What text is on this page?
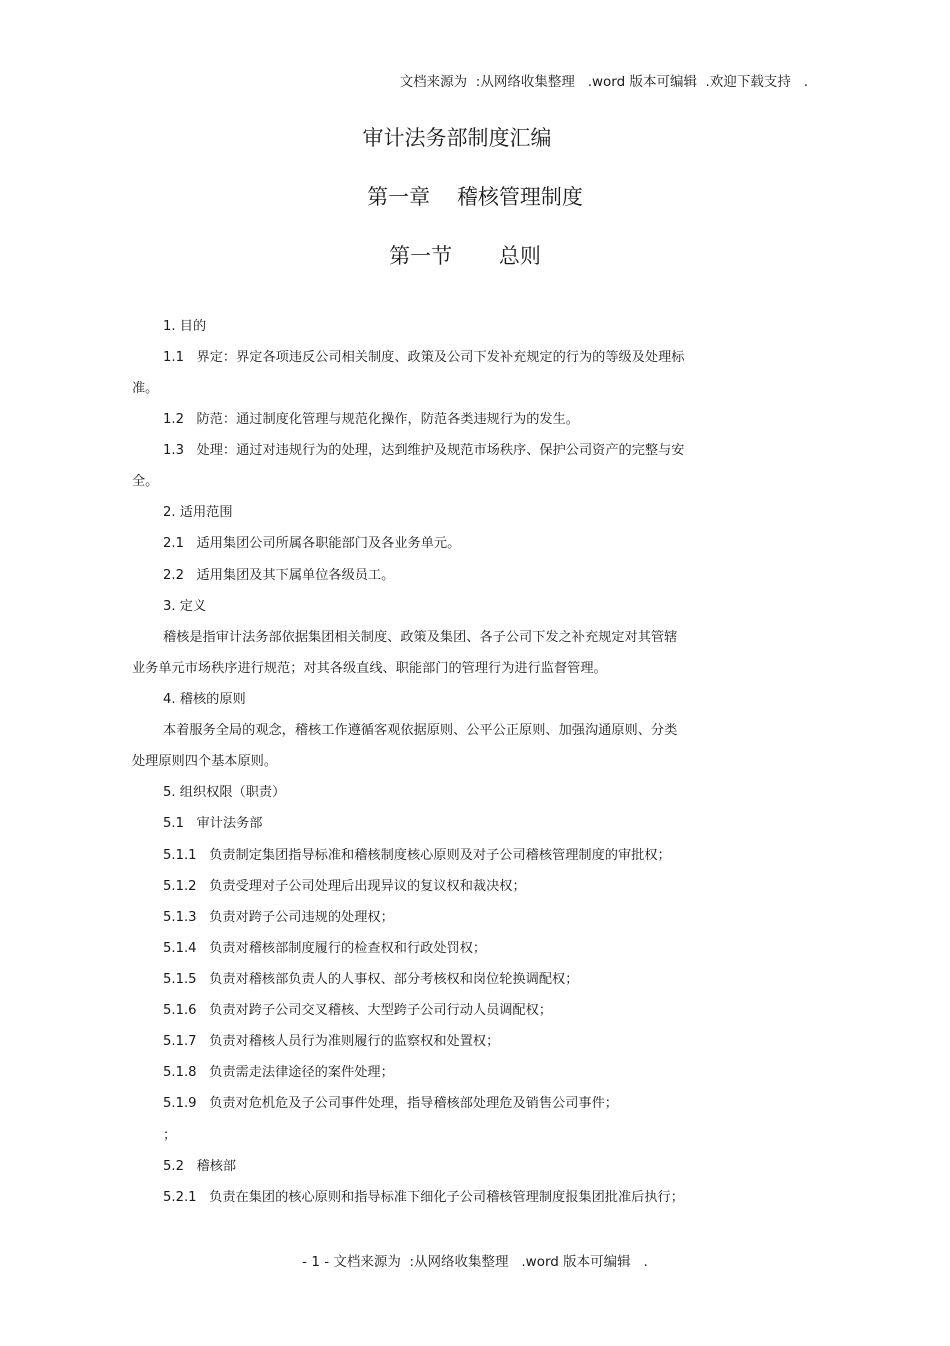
文档来源为  :从网络收集整理   .word 版本可编辑  .欢迎下载支持   .
审计法务部制度汇编
第一章    稽核管理制度
第一节       总则
1. 目的
1.1   界定：界定各项违反公司相关制度、政策及公司下发补充规定的行为的等级及处理标
准。
1.2   防范：通过制度化管理与规范化操作，防范各类违规行为的发生。
1.3   处理：通过对违规行为的处理，达到维护及规范市场秩序、保护公司资产的完整与安
全。
2. 适用范围
2.1   适用集团公司所属各职能部门及各业务单元。
2.2   适用集团及其下属单位各级员工。
3. 定义
稽核是指审计法务部依据集团相关制度、政策及集团、各子公司下发之补充规定对其管辖
业务单元市场秩序进行规范；对其各级直线、职能部门的管理行为进行监督管理。
4. 稽核的原则
本着服务全局的观念，稽核工作遵循客观依据原则、公平公正原则、加强沟通原则、分类
处理原则四个基本原则。
5. 组织权限（职责）
5.1   审计法务部
5.1.1   负责制定集团指导标准和稽核制度核心原则及对子公司稽核管理制度的审批权；
5.1.2   负责受理对子公司处理后出现异议的复议权和裁决权；
5.1.3   负责对跨子公司违规的处理权；
5.1.4   负责对稽核部制度履行的检查权和行政处罚权；
5.1.5   负责对稽核部负责人的人事权、部分考核权和岗位轮换调配权；
5.1.6   负责对跨子公司交叉稽核、大型跨子公司行动人员调配权；
5.1.7   负责对稽核人员行为准则履行的监察权和处置权；
5.1.8   负责需走法律途径的案件处理；
5.1.9   负责对危机危及子公司事件处理，指导稽核部处理危及销售公司事件；
；
5.2   稽核部
5.2.1   负责在集团的核心原则和指导标准下细化子公司稽核管理制度报集团批准后执行；
- 1 - 文档来源为  :从网络收集整理   .word 版本可编辑   .
